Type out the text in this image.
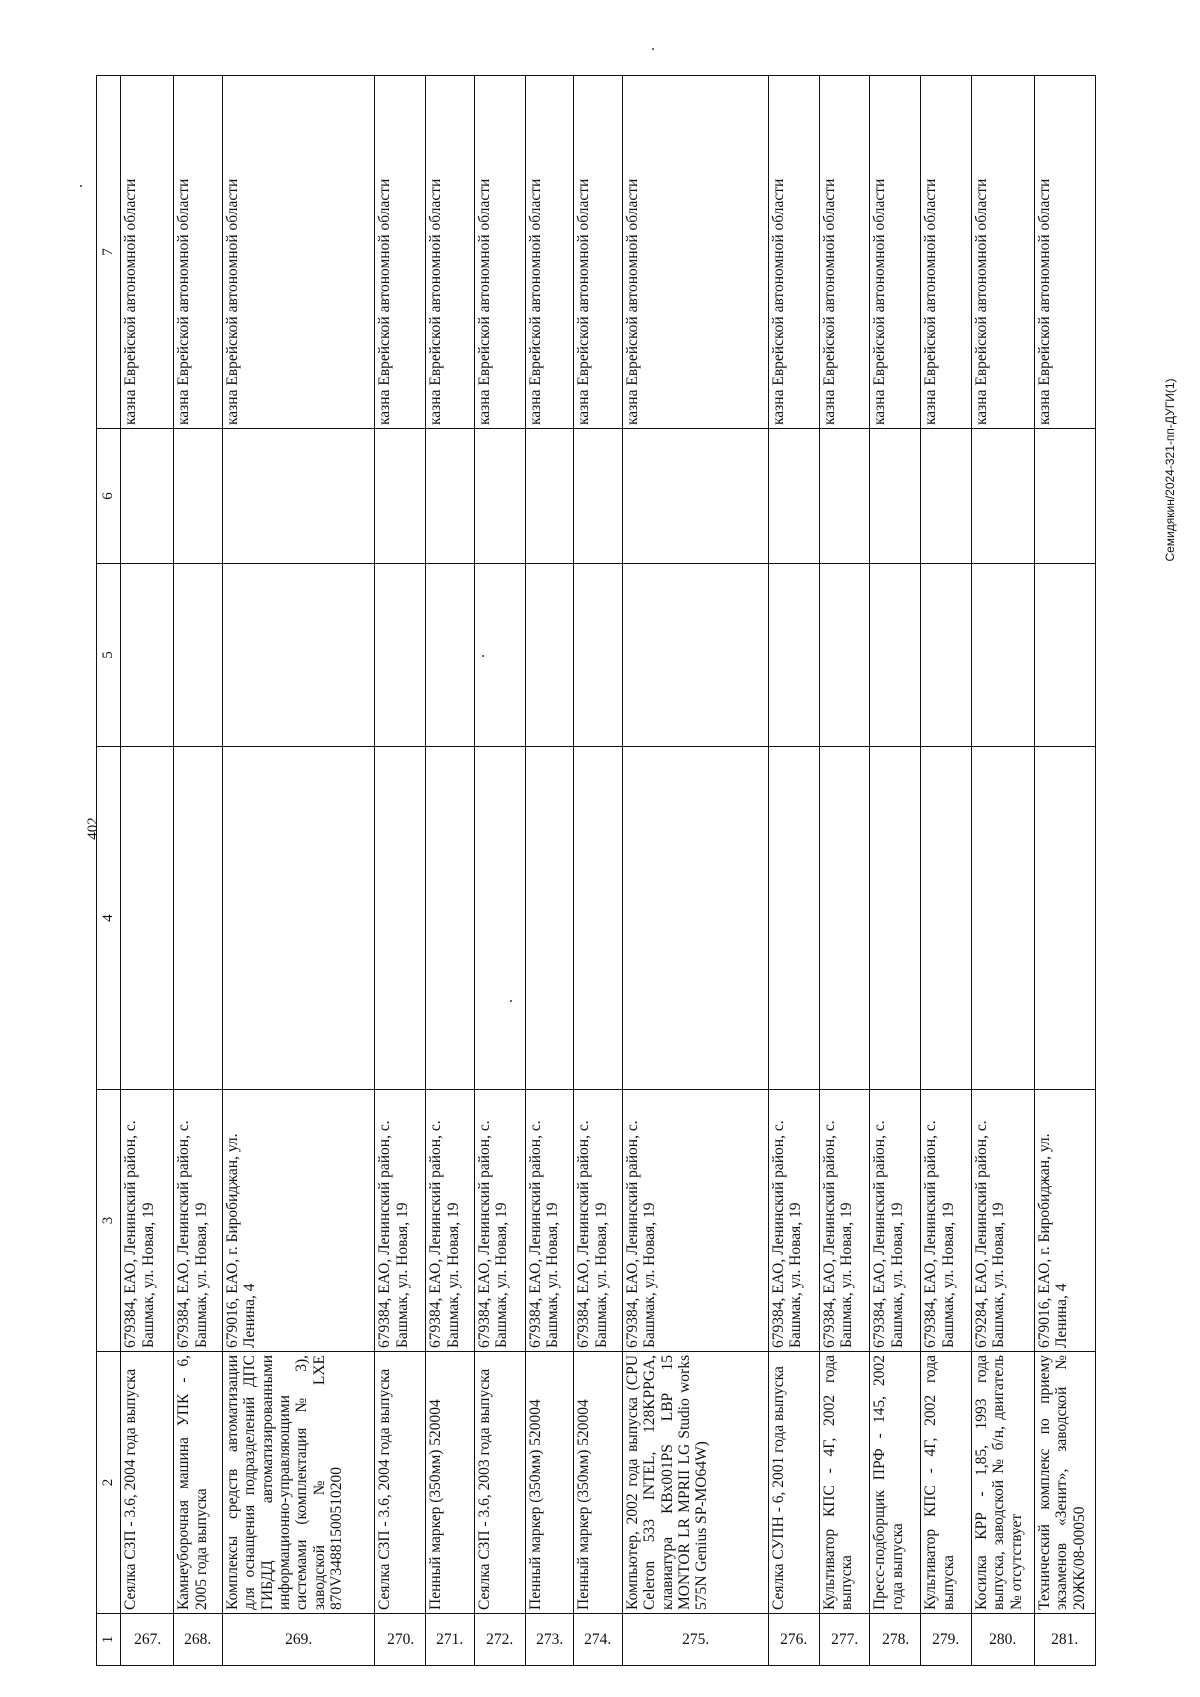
402
Семидякин/2024-321-пп-ДУГИ(1)
1	2	3	4	5	6	7
267.	Сеялка СЗП - 3.6, 2004 года выпуска	679384, ЕАО, Ленинский район, с. Башмак, ул. Новая, 19				казна Еврейской автономной области
268.	Камнеуборочная машина УПК - 6, 2005 года выпуска	679384, ЕАО, Ленинский район, с. Башмак, ул. Новая, 19				казна Еврейской автономной области
269.	Комплексы средств автоматизации для оснащения подразделений ДПС ГИБДД автоматизированными информационно-управляющими системами (комплектация № 3), заводской № LXE 870V34881500510200	679016, ЕАО, г. Биробиджан, ул. Ленина, 4				казна Еврейской автономной области
270.	Сеялка СЗП - 3.6, 2004 года выпуска	679384, ЕАО, Ленинский район, с. Башмак, ул. Новая, 19				казна Еврейской автономной области
271.	Пенный маркер (350мм) 520004	679384, ЕАО, Ленинский район, с. Башмак, ул. Новая, 19				казна Еврейской автономной области
272.	Сеялка СЗП - 3.6, 2003 года выпуска	679384, ЕАО, Ленинский район, с. Башмак, ул. Новая, 19				казна Еврейской автономной области
273.	Пенный маркер (350мм) 520004	679384, ЕАО, Ленинский район, с. Башмак, ул. Новая, 19				казна Еврейской автономной области
274.	Пенный маркер (350мм) 520004	679384, ЕАО, Ленинский район, с. Башмак, ул. Новая, 19				казна Еврейской автономной области
275.	Компьютер, 2002 года выпуска (CPU Celeron 533 INTEL, 128KPPGA, клавиатура KBx001PS LBP 15 MONTOR LR MPRII LG Studio works 575N Genius SP-MO64W)	679384, ЕАО, Ленинский район, с. Башмак, ул. Новая, 19				казна Еврейской автономной области
276.	Сеялка СУПН - 6, 2001 года выпуска	679384, ЕАО, Ленинский район, с. Башмак, ул. Новая, 19				казна Еврейской автономной области
277.	Культиватор КПС - 4Г, 2002 года выпуска	679384, ЕАО, Ленинский район, с. Башмак, ул. Новая, 19				казна Еврейской автономной области
278.	Пресс-подборщик ПРФ - 145, 2002 года выпуска	679384, ЕАО, Ленинский район, с. Башмак, ул. Новая, 19				казна Еврейской автономной области
279.	Культиватор КПС - 4Г, 2002 года выпуска	679384, ЕАО, Ленинский район, с. Башмак, ул. Новая, 19				казна Еврейской автономной области
280.	Косилка КРР - 1,85, 1993 года выпуска, заводской № б/н, двигатель № отсутствует	679284, ЕАО, Ленинский район, с. Башмак, ул. Новая, 19				казна Еврейской автономной области
281.	Технический комплекс по приему экзаменов «Зенит», заводской № 20ЖК/08-00050	679016, ЕАО, г. Биробиджан, ул. Ленина, 4				казна Еврейской автономной области
